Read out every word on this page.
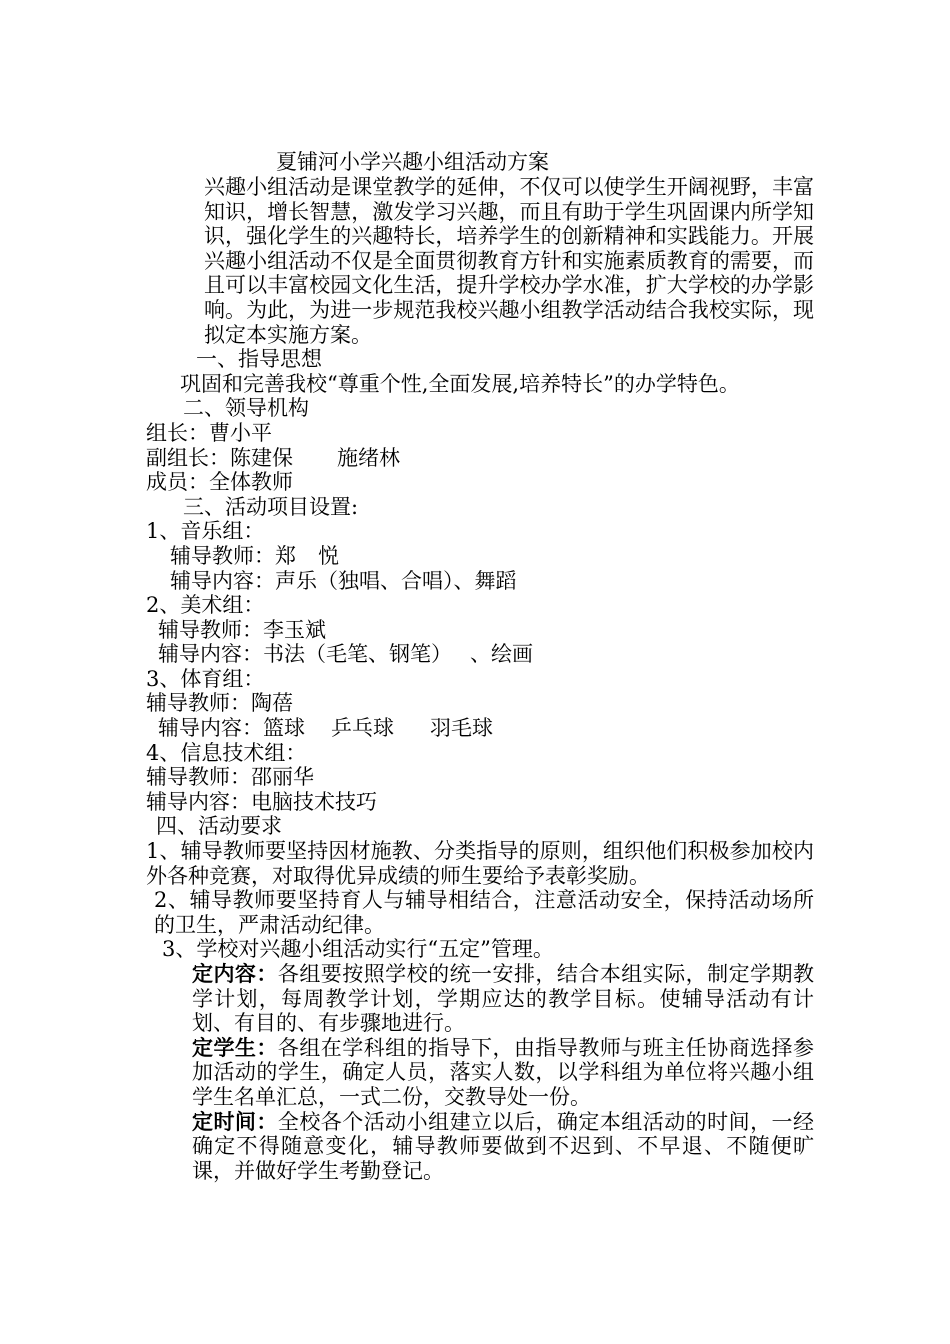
夏铺河小学兴趣小组活动方案
兴趣小组活动是课堂教学的延伸，不仅可以使学生开阔视野，丰富知识，增长智慧，激发学习兴趣，而且有助于学生巩固课内所学知识，强化学生的兴趣特长，培养学生的创新精神和实践能力。开展兴趣小组活动不仅是全面贯彻教育方针和实施素质教育的需要，而且可以丰富校园文化生活，提升学校办学水准，扩大学校的办学影响。为此，为进一步规范我校兴趣小组教学活动结合我校实际，现拟定本实施方案。
一、指导思想
巩固和完善我校“尊重个性,全面发展,培养特长”的办学特色。
二、领导机构
组长：曹小平
副组长：陈建保 施绪林
成员：全体教师
三、活动项目设置:
1、音乐组：
辅导教师：郑 悦
辅导内容：声乐（独唱、合唱）、舞蹈
2、美术组：
辅导教师：李玉斌
辅导内容：书法（毛笔、钢笔） 、绘画
3、体育组：
辅导教师：陶蓓
辅导内容：篮球 乒乓球 羽毛球
4、信息技术组：
辅导教师：邵丽华
辅导内容：电脑技术技巧
四、活动要求
1、辅导教师要坚持因材施教、分类指导的原则，组织他们积极参加校内外各种竞赛，对取得优异成绩的师生要给予表彰奖励。
2、辅导教师要坚持育人与辅导相结合，注意活动安全，保持活动场所的卫生，严肃活动纪律。
3、学校对兴趣小组活动实行“五定”管理。
定内容：各组要按照学校的统一安排，结合本组实际，制定学期教学计划，每周教学计划，学期应达的教学目标。使辅导活动有计划、有目的、有步骤地进行。
定学生：各组在学科组的指导下，由指导教师与班主任协商选择参加活动的学生，确定人员，落实人数，以学科组为单位将兴趣小组学生名单汇总，一式二份，交教导处一份。
定时间：全校各个活动小组建立以后，确定本组活动的时间，一经确定不得随意变化，辅导教师要做到不迟到、不早退、不随便旷课，并做好学生考勤登记。
